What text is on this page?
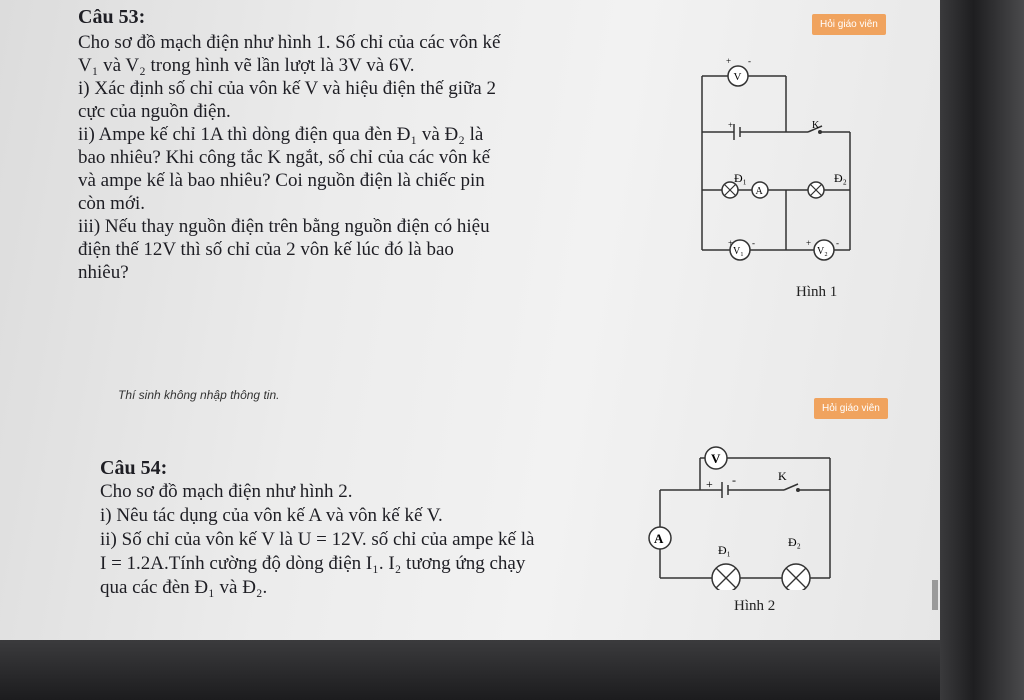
Câu 53:
Cho sơ đồ mạch điện như hình 1. Số chỉ của các vôn kế
V₁ và V₂ trong hình vẽ lần lượt là 3V và 6V.
i) Xác định số chỉ của vôn kế V và hiệu điện thế giữa 2
cực của nguồn điện.
ii) Ampe kế chỉ 1A thì dòng điện qua đèn Đ₁ và Đ₂ là
bao nhiêu? Khi công tắc K ngắt, số chỉ của các vôn kế
và ampe kế là bao nhiêu? Coi nguồn điện là chiếc pin
còn mới.
iii) Nếu thay nguồn điện trên bằng nguồn điện có hiệu
điện thế 12V thì số chỉ của 2 vôn kế lúc đó là bao
nhiêu?
Hỏi giáo viên
V
A
V₁	V₂
K
Đ₁	Đ₂
+ -
+
+ -	+	-
Hình 1
Thí sinh không nhập thông tin.
Hỏi giáo viên
Câu 54:
Cho sơ đồ mạch điện như hình 2.
i) Nêu tác dụng của vôn kế A và vôn kế kế V.
ii) Số chỉ của vôn kế V là U = 12V. số chỉ của ampe kế là
I = 1.2A.Tính cường độ dòng điện I₁. I₂ tương ứng chạy
qua các đèn Đ₁ và Đ₂.
V
A
K
Đ₁
Đ₂
+ -
Hình 2
